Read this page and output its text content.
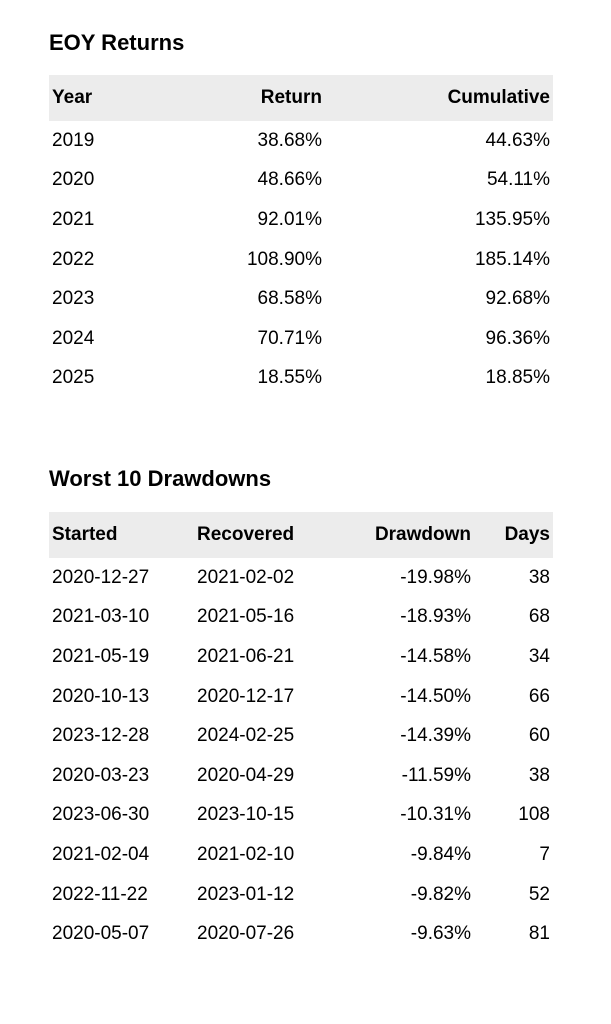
EOY Returns
Year	Return	Cumulative
2019	38.68%	44.63%
2020	48.66%	54.11%
2021	92.01%	135.95%
2022	108.90%	185.14%
2023	68.58%	92.68%
2024	70.71%	96.36%
2025	18.55%	18.85%
Worst 10 Drawdowns
Started	Recovered	Drawdown	Days
2020-12-27	2021-02-02	-19.98%	38
2021-03-10	2021-05-16	-18.93%	68
2021-05-19	2021-06-21	-14.58%	34
2020-10-13	2020-12-17	-14.50%	66
2023-12-28	2024-02-25	-14.39%	60
2020-03-23	2020-04-29	-11.59%	38
2023-06-30	2023-10-15	-10.31%	108
2021-02-04	2021-02-10	-9.84%	7
2022-11-22	2023-01-12	-9.82%	52
2020-05-07	2020-07-26	-9.63%	81
